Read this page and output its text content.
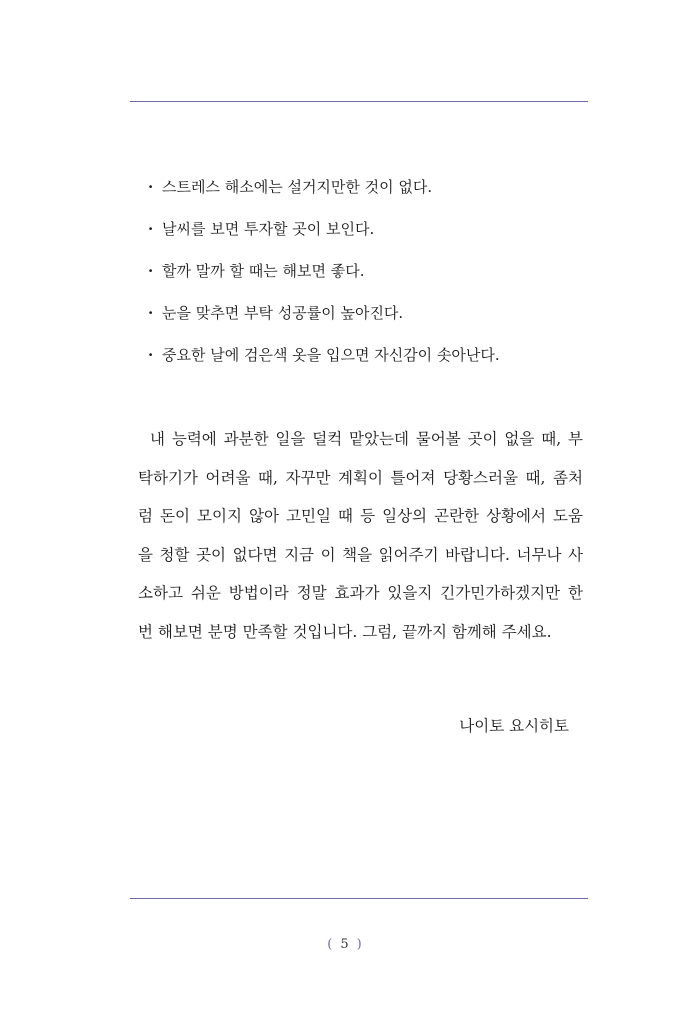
· 스트레스 해소에는 설거지만한 것이 없다.
· 날씨를 보면 투자할 곳이 보인다.
· 할까 말까 할 때는 해보면 좋다.
· 눈을 맞추면 부탁 성공률이 높아진다.
· 중요한 날에 검은색 옷을 입으면 자신감이 솟아난다.
내 능력에 과분한 일을 덜컥 맡았는데 물어볼 곳이 없을 때, 부
탁하기가 어려울 때, 자꾸만 계획이 틀어져 당황스러울 때, 좀처
럼 돈이 모이지 않아 고민일 때 등 일상의 곤란한 상황에서 도움
을 청할 곳이 없다면 지금 이 책을 읽어주기 바랍니다. 너무나 사
소하고 쉬운 방법이라 정말 효과가 있을지 긴가민가하겠지만 한
번 해보면 분명 만족할 것입니다. 그럼, 끝까지 함께해 주세요.
나이토 요시히토
( 5 )
